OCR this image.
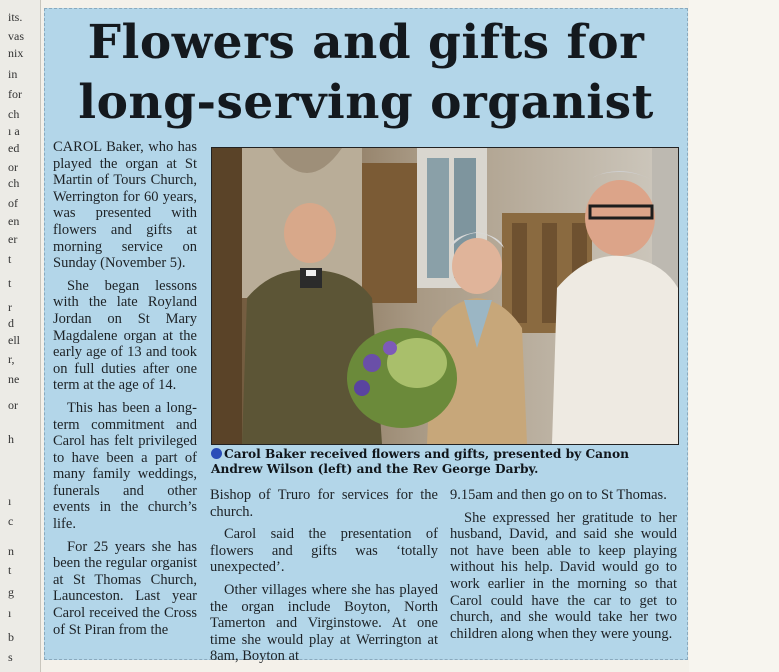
its.
vas
nix
in
for
ch
ı a
ed
or
ch
of
en
er
t
t
r
d
ell
r,
ne
or
h
ı
c
n
t
g
ı
b
s
Flowers and gifts for
long-serving organist

CAROL Baker, who has played the organ at St Martin of Tours Church, Werrington for 60 years, was presented with flowers and gifts at morning service on Sunday (November 5).

She began lessons with the late Royland Jordan on St Mary Magdalene organ at the early age of 13 and took on full duties after one term at the age of 14.

This has been a long-term commitment and Carol has felt privileged to have been a part of many family weddings, funerals and other events in the church’s life.

For 25 years she has been the regular organist at St Thomas Church, Launceston. Last year Carol received the Cross of St Piran from the

Carol Baker received flowers and gifts, presented by Canon Andrew Wilson (left) and the Rev George Darby.

Bishop of Truro for services for the church.

Carol said the presentation of flowers and gifts was ‘totally unexpected’.

Other villages where she has played the organ include Boyton, North Tamerton and Virginstowe. At one time she would play at Werrington at 8am, Boyton at

9.15am and then go on to St Thomas.

She expressed her gratitude to her husband, David, and said she would not have been able to keep playing without his help. David would go to work earlier in the morning so that Carol could have the car to get to church, and she would take her two children along when they were young.
